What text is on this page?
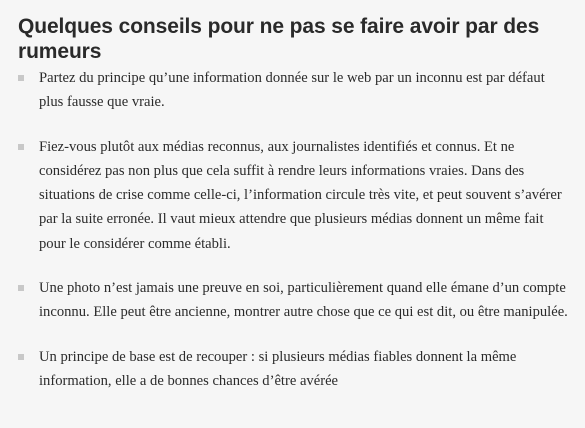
Quelques conseils pour ne pas se faire avoir par des rumeurs
Partez du principe qu’une information donnée sur le web par un inconnu est par défaut plus fausse que vraie.
Fiez-vous plutôt aux médias reconnus, aux journalistes identifiés et connus. Et ne considérez pas non plus que cela suffit à rendre leurs informations vraies. Dans des situations de crise comme celle-ci, l’information circule très vite, et peut souvent s’avérer par la suite erronée. Il vaut mieux attendre que plusieurs médias donnent un même fait pour le considérer comme établi.
Une photo n’est jamais une preuve en soi, particulièrement quand elle émane d’un compte inconnu. Elle peut être ancienne, montrer autre chose que ce qui est dit, ou être manipulée.
Un principe de base est de recouper : si plusieurs médias fiables donnent la même information, elle a de bonnes chances d’être avérée
